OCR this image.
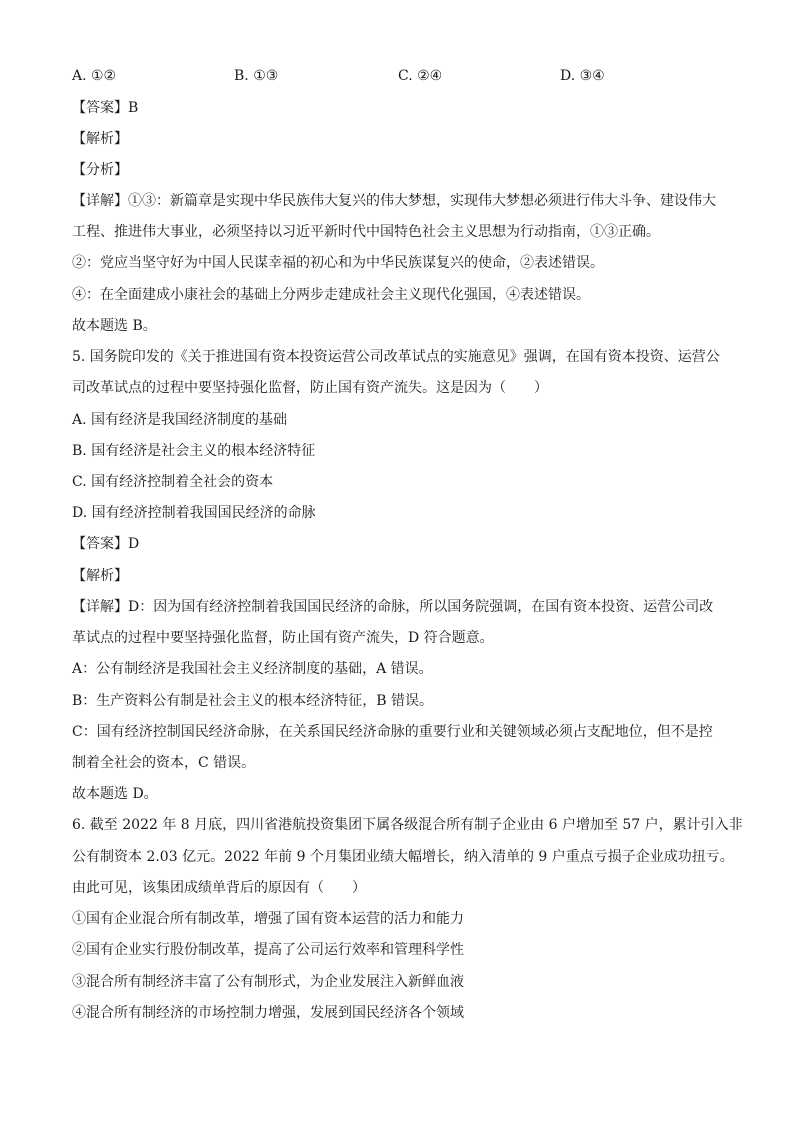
A. ①②	B. ①③	C. ②④	D. ③④
【答案】B
【解析】
【分析】
【详解】①③：新篇章是实现中华民族伟大复兴的伟大梦想，实现伟大梦想必须进行伟大斗争、建设伟大
工程、推进伟大事业，必须坚持以习近平新时代中国特色社会主义思想为行动指南，①③正确。
②：党应当坚守好为中国人民谋幸福的初心和为中华民族谋复兴的使命，②表述错误。
④：在全面建成小康社会的基础上分两步走建成社会主义现代化强国，④表述错误。
故本题选 B。
5. 国务院印发的《关于推进国有资本投资运营公司改革试点的实施意见》强调，在国有资本投资、运营公
司改革试点的过程中要坚持强化监督，防止国有资产流失。这是因为（　　）
A. 国有经济是我国经济制度的基础
B. 国有经济是社会主义的根本经济特征
C. 国有经济控制着全社会的资本
D. 国有经济控制着我国国民经济的命脉
【答案】D
【解析】
【详解】D：因为国有经济控制着我国国民经济的命脉，所以国务院强调，在国有资本投资、运营公司改
革试点的过程中要坚持强化监督，防止国有资产流失，D 符合题意。
A：公有制经济是我国社会主义经济制度的基础，A 错误。
B：生产资料公有制是社会主义的根本经济特征，B 错误。
C：国有经济控制国民经济命脉，在关系国民经济命脉的重要行业和关键领域必须占支配地位，但不是控
制着全社会的资本，C 错误。
故本题选 D。
6. 截至 2022 年 8 月底，四川省港航投资集团下属各级混合所有制子企业由 6 户增加至 57 户，累计引入非
公有制资本 2.03 亿元。2022 年前 9 个月集团业绩大幅增长，纳入清单的 9 户重点亏损子企业成功扭亏。
由此可见，该集团成绩单背后的原因有（　　）
①国有企业混合所有制改革，增强了国有资本运营的活力和能力
②国有企业实行股份制改革，提高了公司运行效率和管理科学性
③混合所有制经济丰富了公有制形式，为企业发展注入新鲜血液
④混合所有制经济的市场控制力增强，发展到国民经济各个领域
